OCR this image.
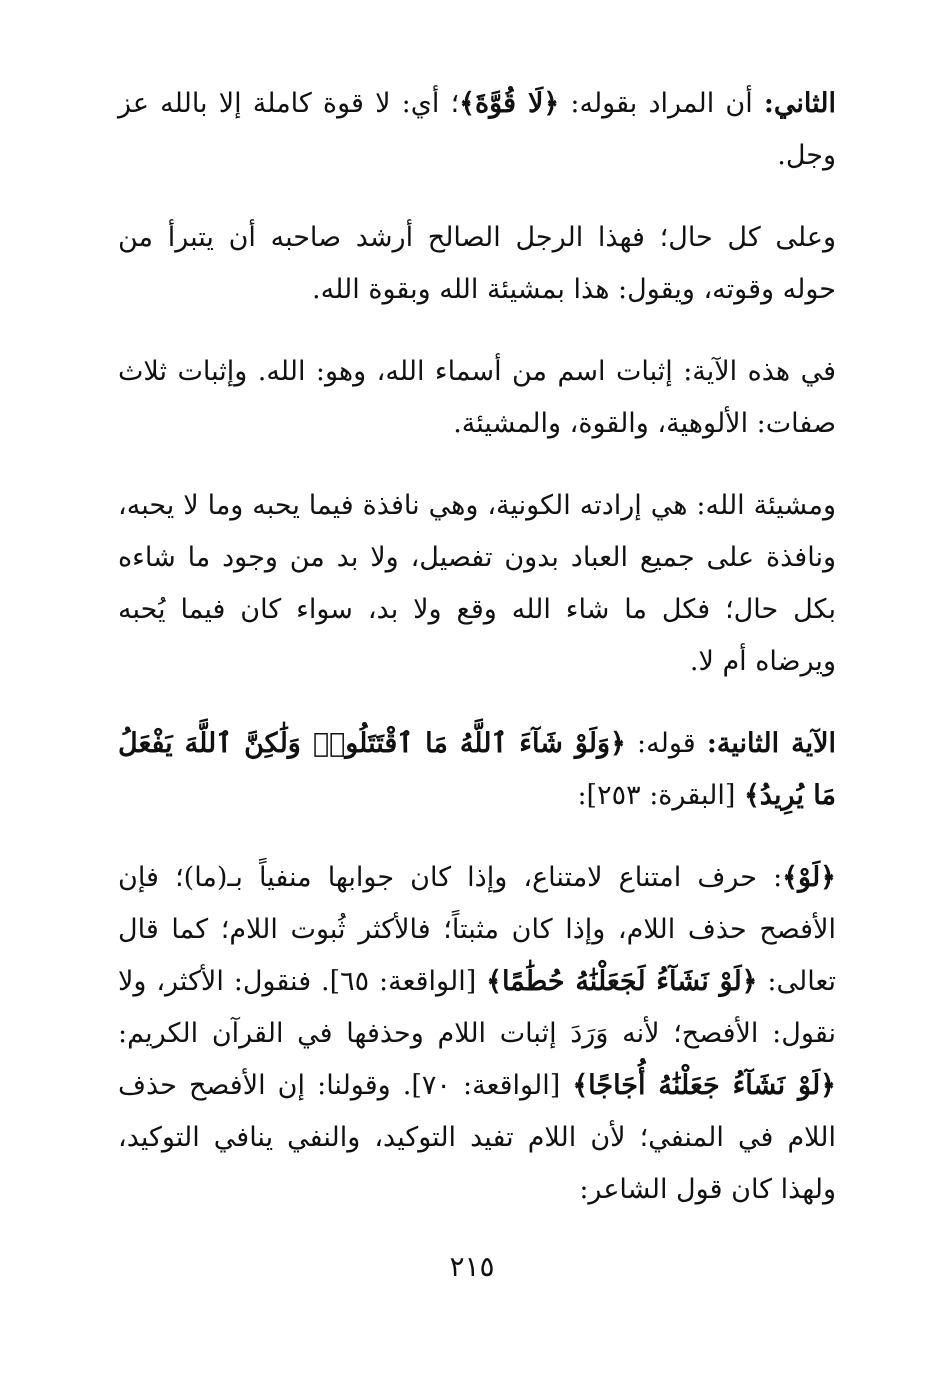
الثاني: أن المراد بقوله: ﴿لَا قُوَّةَ﴾؛ أي: لا قوة كاملة إلا بالله عز وجل.

وعلى كل حال؛ فهذا الرجل الصالح أرشد صاحبه أن يتبرأ من حوله وقوته، ويقول: هذا بمشيئة الله وبقوة الله.

في هذه الآية: إثبات اسم من أسماء الله، وهو: الله. وإثبات ثلاث صفات: الألوهية، والقوة، والمشيئة.

ومشيئة الله: هي إرادته الكونية، وهي نافذة فيما يحبه وما لا يحبه، ونافذة على جميع العباد بدون تفصيل، ولا بد من وجود ما شاءه بكل حال؛ فكل ما شاء الله وقع ولا بد، سواء كان فيما يُحبه ويرضاه أم لا.

الآية الثانية: قوله: ﴿وَلَوْ شَآءَ ٱللَّهُ مَا ٱقْتَتَلُوا۟ وَلَٰكِنَّ ٱللَّهَ يَفْعَلُ مَا يُرِيدُ﴾ [البقرة: ٢٥٣]:

﴿لَوْ﴾: حرف امتناع لامتناع، وإذا كان جوابها منفياً بـ(ما)؛ فإن الأفصح حذف اللام، وإذا كان مثبتاً؛ فالأكثر ثُبوت اللام؛ كما قال تعالى: ﴿لَوْ نَشَآءُ لَجَعَلْنَٰهُ حُطَٰمًا﴾ [الواقعة: ٦٥]. فنقول: الأكثر، ولا نقول: الأفصح؛ لأنه وَرَدَ إثبات اللام وحذفها في القرآن الكريم: ﴿لَوْ نَشَآءُ جَعَلْنَٰهُ أُجَاجًا﴾ [الواقعة: ٧٠]. وقولنا: إن الأفصح حذف اللام في المنفي؛ لأن اللام تفيد التوكيد، والنفي ينافي التوكيد، ولهذا كان قول الشاعر:

٢١٥
